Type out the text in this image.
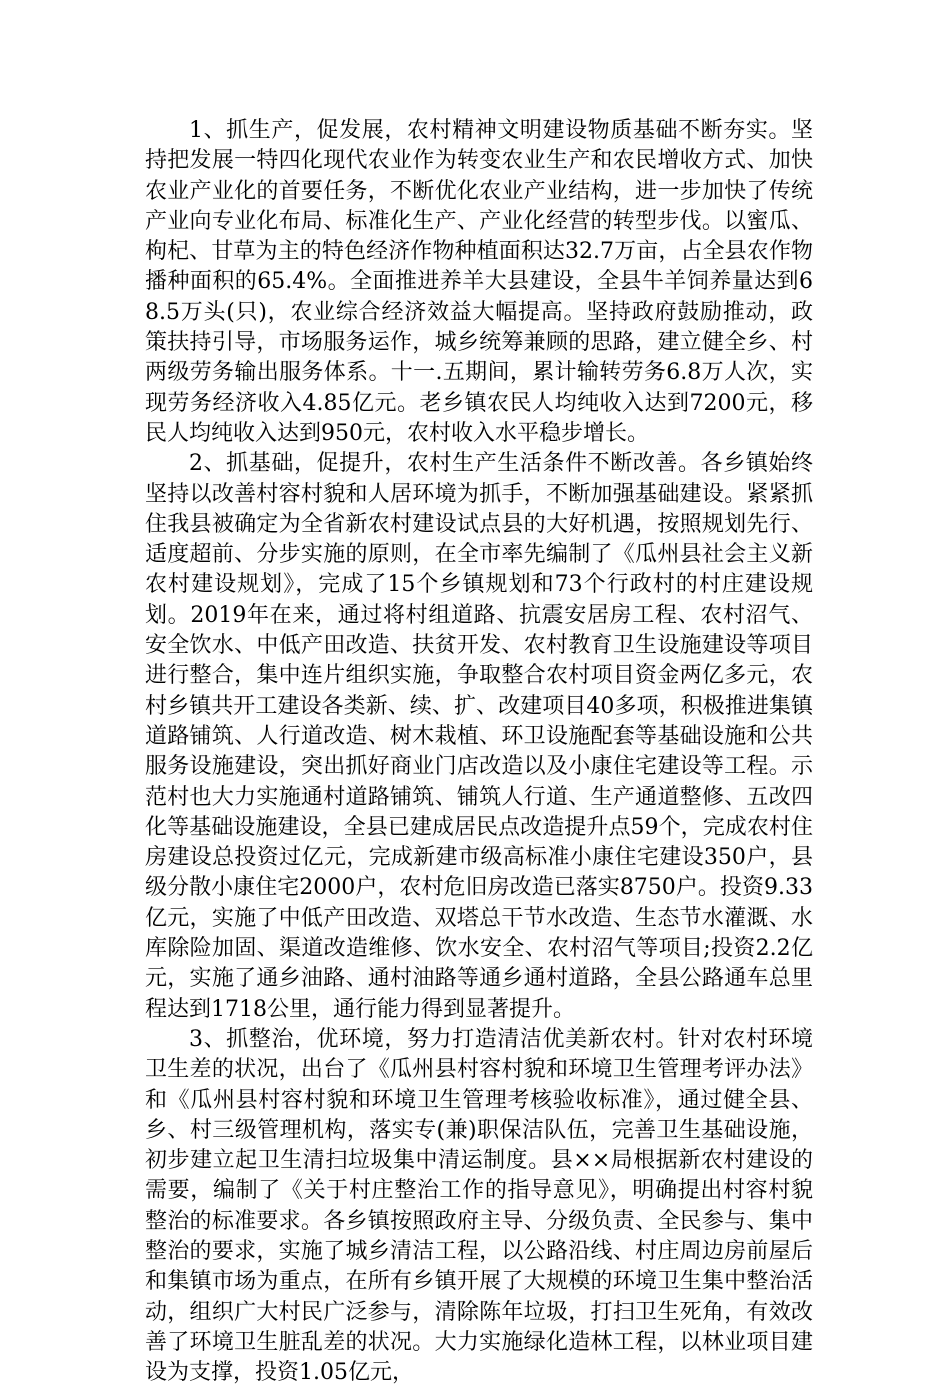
1、抓生产，促发展，农村精神文明建设物质基础不断夯实。坚持把发展一特四化现代农业作为转变农业生产和农民增收方式、加快农业产业化的首要任务，不断优化农业产业结构，进一步加快了传统产业向专业化布局、标准化生产、产业化经营的转型步伐。以蜜瓜、枸杞、甘草为主的特色经济作物种植面积达32.7万亩，占全县农作物播种面积的65.4%。全面推进养羊大县建设，全县牛羊饲养量达到68.5万头(只)，农业综合经济效益大幅提高。坚持政府鼓励推动，政策扶持引导，市场服务运作，城乡统筹兼顾的思路，建立健全乡、村两级劳务输出服务体系。十一.五期间，累计输转劳务6.8万人次，实现劳务经济收入4.85亿元。老乡镇农民人均纯收入达到7200元，移民人均纯收入达到950元，农村收入水平稳步增长。

2、抓基础，促提升，农村生产生活条件不断改善。各乡镇始终坚持以改善村容村貌和人居环境为抓手，不断加强基础建设。紧紧抓住我县被确定为全省新农村建设试点县的大好机遇，按照规划先行、适度超前、分步实施的原则，在全市率先编制了《瓜州县社会主义新农村建设规划》，完成了15个乡镇规划和73个行政村的村庄建设规划。2019年在来，通过将村组道路、抗震安居房工程、农村沼气、安全饮水、中低产田改造、扶贫开发、农村教育卫生设施建设等项目进行整合，集中连片组织实施，争取整合农村项目资金两亿多元，农村乡镇共开工建设各类新、续、扩、改建项目40多项，积极推进集镇道路铺筑、人行道改造、树木栽植、环卫设施配套等基础设施和公共服务设施建设，突出抓好商业门店改造以及小康住宅建设等工程。示范村也大力实施通村道路铺筑、铺筑人行道、生产通道整修、五改四化等基础设施建设，全县已建成居民点改造提升点59个，完成农村住房建设总投资过亿元，完成新建市级高标准小康住宅建设350户，县级分散小康住宅2000户，农村危旧房改造已落实8750户。投资9.33亿元，实施了中低产田改造、双塔总干节水改造、生态节水灌溉、水库除险加固、渠道改造维修、饮水安全、农村沼气等项目;投资2.2亿元，实施了通乡油路、通村油路等通乡通村道路，全县公路通车总里程达到1718公里，通行能力得到显著提升。

3、抓整治，优环境，努力打造清洁优美新农村。针对农村环境卫生差的状况，出台了《瓜州县村容村貌和环境卫生管理考评办法》和《瓜州县村容村貌和环境卫生管理考核验收标准》，通过健全县、乡、村三级管理机构，落实专(兼)职保洁队伍，完善卫生基础设施，初步建立起卫生清扫垃圾集中清运制度。县××局根据新农村建设的需要，编制了《关于村庄整治工作的指导意见》，明确提出村容村貌整治的标准要求。各乡镇按照政府主导、分级负责、全民参与、集中整治的要求，实施了城乡清洁工程，以公路沿线、村庄周边房前屋后和集镇市场为重点，在所有乡镇开展了大规模的环境卫生集中整治活动，组织广大村民广泛参与，清除陈年垃圾，打扫卫生死角，有效改善了环境卫生脏乱差的状况。大力实施绿化造林工程，以林业项目建设为支撑，投资1.05亿元，
